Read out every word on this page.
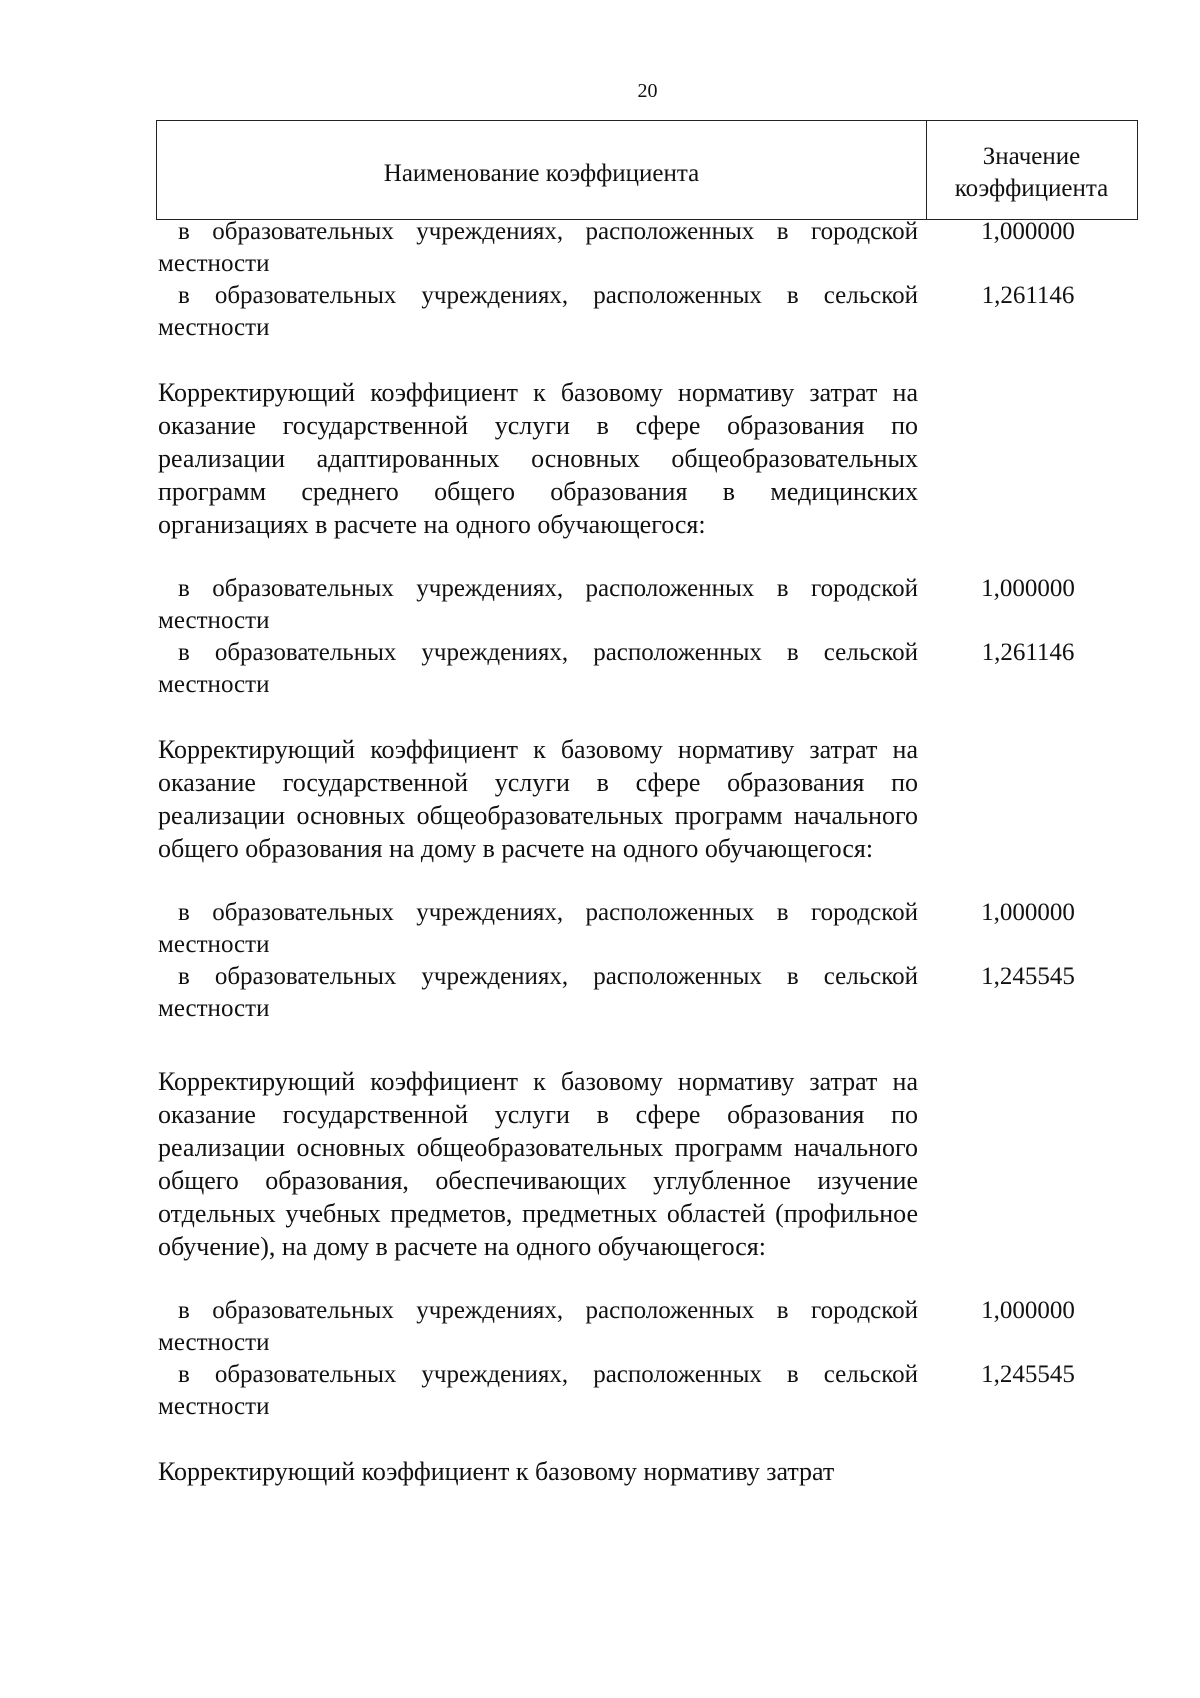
20
Наименование коэффициента
Значение
коэффициента
в образовательных учреждениях, расположенных в городской местности
1,000000
в образовательных учреждениях, расположенных в сельской местности
1,261146

Корректирующий коэффициент к базовому нормативу затрат на оказание государственной услуги в сфере образования по реализации адаптированных основных общеобразовательных программ среднего общего образования в медицинских организациях в расчете на одного обучающегося:

в образовательных учреждениях, расположенных в городской местности
1,000000
в образовательных учреждениях, расположенных в сельской местности
1,261146

Корректирующий коэффициент к базовому нормативу затрат на оказание государственной услуги в сфере образования по реализации основных общеобразовательных программ начального общего образования на дому в расчете на одного обучающегося:

в образовательных учреждениях, расположенных в городской местности
1,000000
в образовательных учреждениях, расположенных в сельской местности
1,245545

Корректирующий коэффициент к базовому нормативу затрат на оказание государственной услуги в сфере образования по реализации основных общеобразовательных программ начального общего образования, обеспечивающих углубленное изучение отдельных учебных предметов, предметных областей (профильное обучение), на дому в расчете на одного обучающегося:

в образовательных учреждениях, расположенных в городской местности
1,000000
в образовательных учреждениях, расположенных в сельской местности
1,245545

Корректирующий коэффициент к базовому нормативу затрат
